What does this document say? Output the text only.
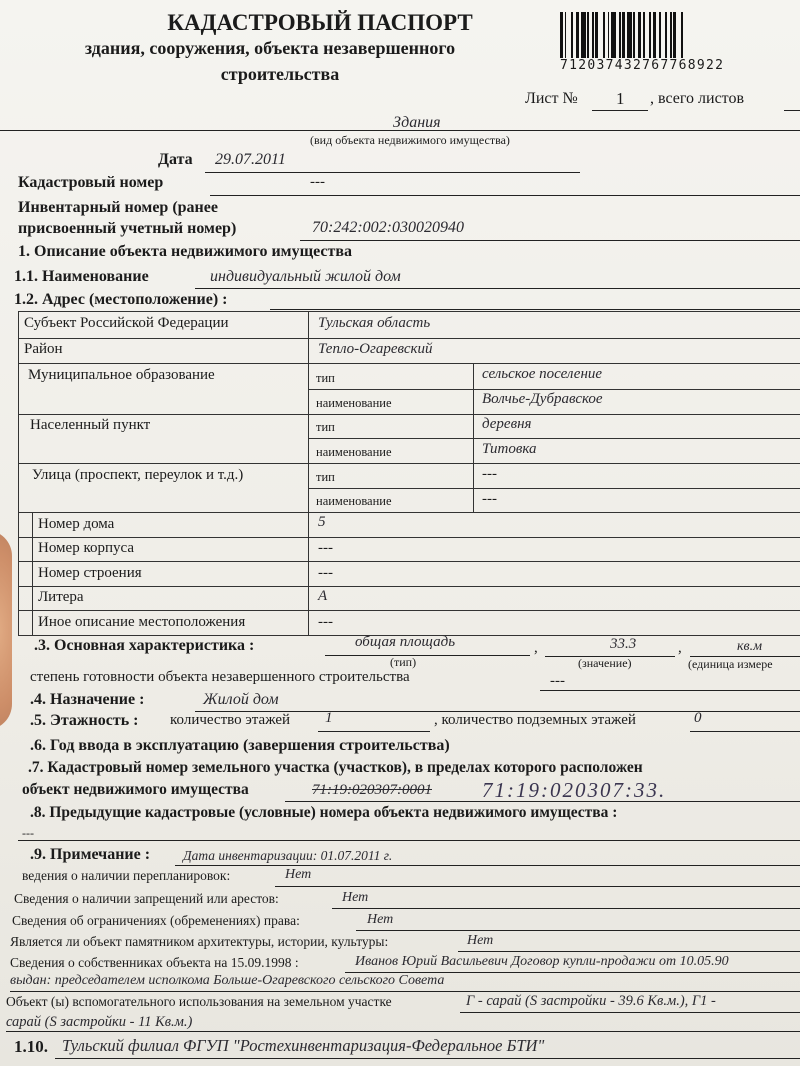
КАДАСТРОВЫЙ ПАСПОРТ
здания, сооружения, объекта незавершенного
строительства	712037432767768922
Лист № 1 , всего листов
Здания
(вид объекта недвижимого имущества)
Дата 29.07.2011
Кадастровый номер	---
Инвентарный номер (ранее
присвоенный учетный номер)	70:242:002:030020940
1. Описание объекта недвижимого имущества
1.1. Наименование	индивидуальный жилой дом
1.2. Адрес (местоположение) :
Субъект Российской Федерации	Тульская область
Район	Тепло-Огаревский
Муниципальное образование	тип	сельское поселение
наименование	Волчье-Дубравское
Населенный пункт	тип	деревня
наименование	Титовка
Улица (проспект, переулок и т.д.)	тип	---
наименование	---
Номер дома	5
Номер корпуса	---
Номер строения	---
Литера	А
Иное описание местоположения	---
.3. Основная характеристика :	общая площадь
(тип)
,	33.3
(значение)
,	кв.м
(единица измере
степень готовности объекта незавершенного строительства	---
.4. Назначение :	Жилой дом
.5. Этажность : количество этажей 1	, количество подземных этажей	0
.6. Год ввода в эксплуатацию (завершения строительства)
.7. Кадастровый номер земельного участка (участков), в пределах которого расположен
объект недвижимого имущества	71:19:020307:0001 71:19:020307:33.
.8. Предыдущие кадастровые (условные) номера объекта недвижимого имущества :
---
.9. Примечание : Дата инвентаризации: 01.07.2011 г.
ведения о наличии перепланировок:	Нет
Сведения о наличии запрещений или арестов:	Нет
Сведения об ограничениях (обременениях) права:	Нет
Является ли объект памятником архитектуры, истории, культуры:	Нет
Сведения о собственниках объекта на 15.09.1998 :	Иванов Юрий Васильевич Договор купли-продажи от 10.05.90
выдан: председателем исполкома Больше-Огаревского сельского Совета
Объект (ы) вспомогательного использования на земельном участке	Г - сарай (S застройки - 39.6 Кв.м.), Г1 -
сарай (S застройки - 11 Кв.м.)
1.10. Тульский филиал ФГУП "Ростехинвентаризация-Федеральное БТИ"
